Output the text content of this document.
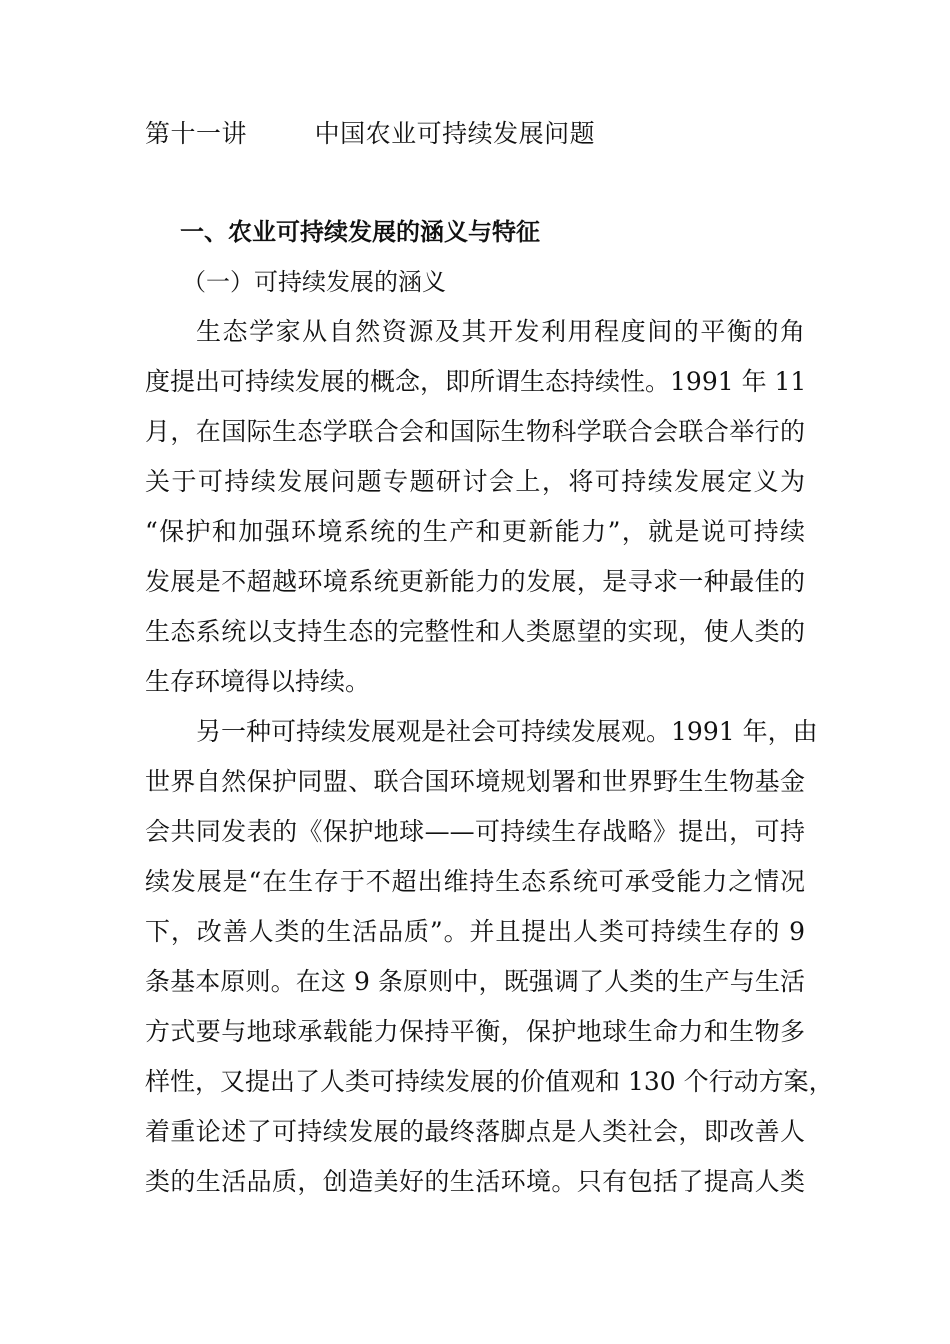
第十一讲        中国农业可持续发展问题
一、农业可持续发展的涵义与特征
（一）可持续发展的涵义
生态学家从自然资源及其开发利用程度间的平衡的角
度提出可持续发展的概念，即所谓生态持续性。1991 年 11
月，在国际生态学联合会和国际生物科学联合会联合举行的
关于可持续发展问题专题研讨会上，将可持续发展定义为
“保护和加强环境系统的生产和更新能力”，就是说可持续
发展是不超越环境系统更新能力的发展，是寻求一种最佳的
生态系统以支持生态的完整性和人类愿望的实现，使人类的
生存环境得以持续。
另一种可持续发展观是社会可持续发展观。1991 年，由
世界自然保护同盟、联合国环境规划署和世界野生生物基金
会共同发表的《保护地球——可持续生存战略》提出，可持
续发展是“在生存于不超出维持生态系统可承受能力之情况
下，改善人类的生活品质”。并且提出人类可持续生存的 9
条基本原则。在这 9 条原则中，既强调了人类的生产与生活
方式要与地球承载能力保持平衡，保护地球生命力和生物多
样性，又提出了人类可持续发展的价值观和 130 个行动方案，
着重论述了可持续发展的最终落脚点是人类社会，即改善人
类的生活品质，创造美好的生活环境。只有包括了提高人类
